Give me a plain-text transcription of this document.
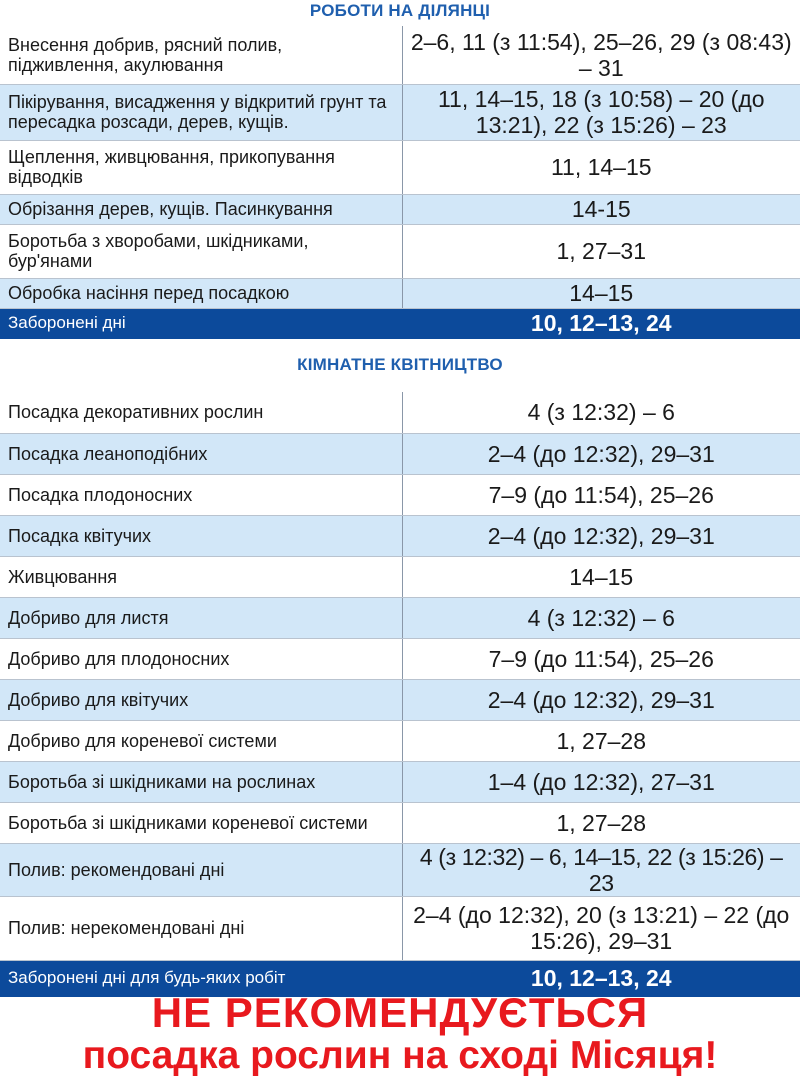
РОБОТИ НА ДІЛЯНЦІ
Внесення добрив, рясний полив, підживлення, акулювання	2–6, 11 (з 11:54), 25–26, 29 (з 08:43) – 31
Пікірування, висадження у відкритий грунт та пересадка розсади, дерев, кущів.	11, 14–15, 18 (з 10:58) – 20 (до 13:21), 22 (з 15:26) – 23
Щеплення, живцювання, прикопування відводків	11, 14–15
Обрізання дерев, кущів. Пасинкування	14-15
Боротьба з хворобами, шкідниками, бур'янами	1, 27–31
Обробка насіння перед посадкою	14–15
Заборонені дні	10, 12–13, 24
КІМНАТНЕ КВІТНИЦТВО
Посадка декоративних рослин	4 (з 12:32) – 6
Посадка леаноподібних	2–4 (до 12:32), 29–31
Посадка плодоносних	7–9 (до 11:54), 25–26
Посадка квітучих	2–4 (до 12:32), 29–31
Живцювання	14–15
Добриво для листя	4 (з 12:32) – 6
Добриво для плодоносних	7–9 (до 11:54), 25–26
Добриво для квітучих	2–4 (до 12:32), 29–31
Добриво для кореневої системи	1, 27–28
Боротьба зі шкідниками на рослинах	1–4 (до 12:32), 27–31
Боротьба зі шкідниками кореневої системи	1, 27–28
Полив: рекомендовані дні	4 (з 12:32) – 6, 14–15, 22 (з 15:26) – 23
Полив: нерекомендовані дні	2–4 (до 12:32), 20 (з 13:21) – 22 (до 15:26), 29–31
Заборонені дні для будь-яких робіт	10, 12–13, 24
НЕ РЕКОМЕНДУЄТЬСЯ
посадка рослин на сході Місяця!
